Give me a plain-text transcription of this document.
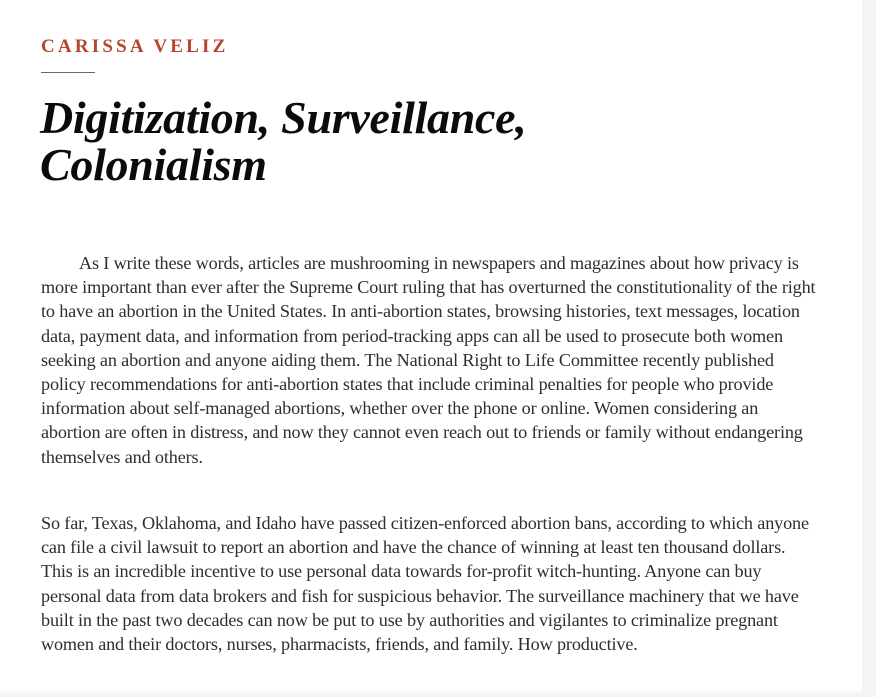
CARISSA VELIZ

Digitization, Surveillance,
Colonialism

As I write these words, articles are mushrooming in newspapers and magazines about how privacy is more important than ever after the Supreme Court ruling that has overturned the constitutionality of the right to have an abortion in the United States. In anti-abortion states, browsing histories, text messages, location data, payment data, and information from period-tracking apps can all be used to prosecute both women seeking an abortion and anyone aiding them. The National Right to Life Committee recently published policy recommendations for anti-abortion states that include criminal penalties for people who provide information about self-managed abortions, whether over the phone or online. Women considering an abortion are often in distress, and now they cannot even reach out to friends or family without endangering themselves and others.

So far, Texas, Oklahoma, and Idaho have passed citizen-enforced abortion bans, according to which anyone can file a civil lawsuit to report an abortion and have the chance of winning at least ten thousand dollars. This is an incredible incentive to use personal data towards for-profit witch-hunting. Anyone can buy personal data from data brokers and fish for suspicious behavior. The surveillance machinery that we have built in the past two decades can now be put to use by authorities and vigilantes to criminalize pregnant women and their doctors, nurses, pharmacists, friends, and family. How productive.
